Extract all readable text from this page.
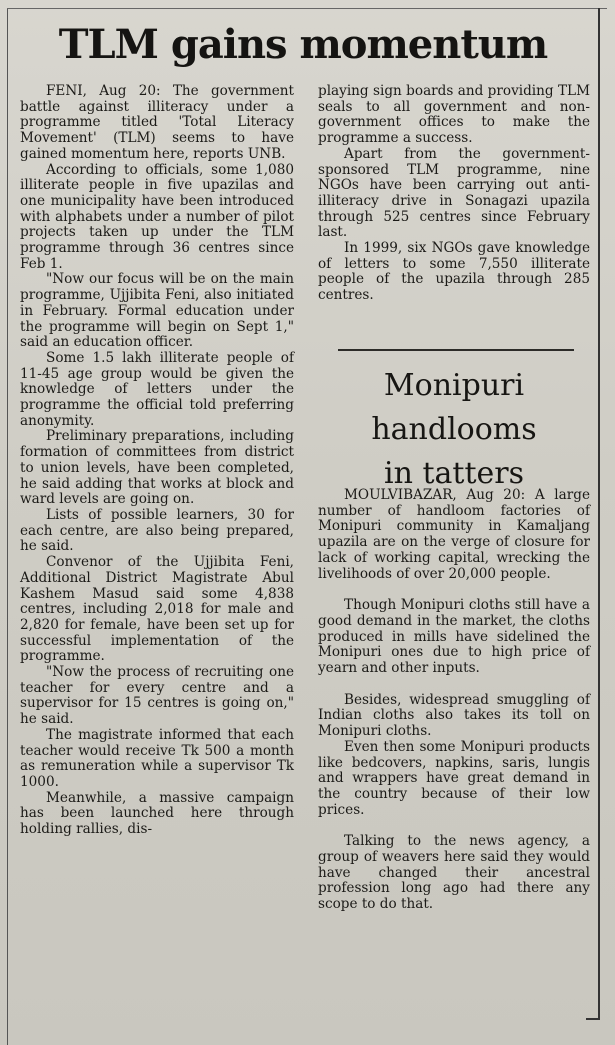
TLM gains momentum

FENI, Aug 20: The government battle against illiteracy under a programme titled 'Total Literacy Movement' (TLM) seems to have gained momentum here, reports UNB.

According to officials, some 1,080 illiterate people in five upazilas and one municipality have been introduced with alphabets under a number of pilot projects taken up under the TLM programme through 36 centres since Feb 1.

"Now our focus will be on the main programme, Ujjibita Feni, also initiated in February. Formal education under the programme will begin on Sept 1," said an education officer.

Some 1.5 lakh illiterate people of 11-45 age group would be given the knowledge of letters under the programme the official told preferring anonymity.

Preliminary preparations, including formation of committees from district to union levels, have been completed, he said adding that works at block and ward levels are going on.

Lists of possible learners, 30 for each centre, are also being prepared, he said.

Convenor of the Ujjibita Feni, Additional District Magistrate Abul Kashem Masud said some 4,838 centres, including 2,018 for male and 2,820 for female, have been set up for successful implementation of the programme.

"Now the process of recruiting one teacher for every centre and a supervisor for 15 centres is going on," he said.

The magistrate informed that each teacher would receive Tk 500 a month as remuneration while a supervisor Tk 1000.

Meanwhile, a massive campaign has been launched here through holding rallies, dis-

playing sign boards and providing TLM seals to all government and non-government offices to make the programme a success.

Apart from the government-sponsored TLM programme, nine NGOs have been carrying out anti-illiteracy drive in Sonagazi upazila through 525 centres since February last.

In 1999, six NGOs gave knowledge of letters to some 7,550 illiterate people of the upazila through 285 centres.

Monipuri
handlooms
in tatters

MOULVIBAZAR, Aug 20: A large number of handloom factories of Monipuri community in Kamaljang upazila are on the verge of closure for lack of working capital, wrecking the livelihoods of over 20,000 people.

Though Monipuri cloths still have a good demand in the market, the cloths produced in mills have sidelined the Monipuri ones due to high price of yearn and other inputs.

Besides, widespread smuggling of Indian cloths also takes its toll on Monipuri cloths.

Even then some Monipuri products like bedcovers, napkins, saris, lungis and wrappers have great demand in the country because of their low prices.

Talking to the news agency, a group of weavers here said they would have changed their ancestral profession long ago had there any scope to do that.
